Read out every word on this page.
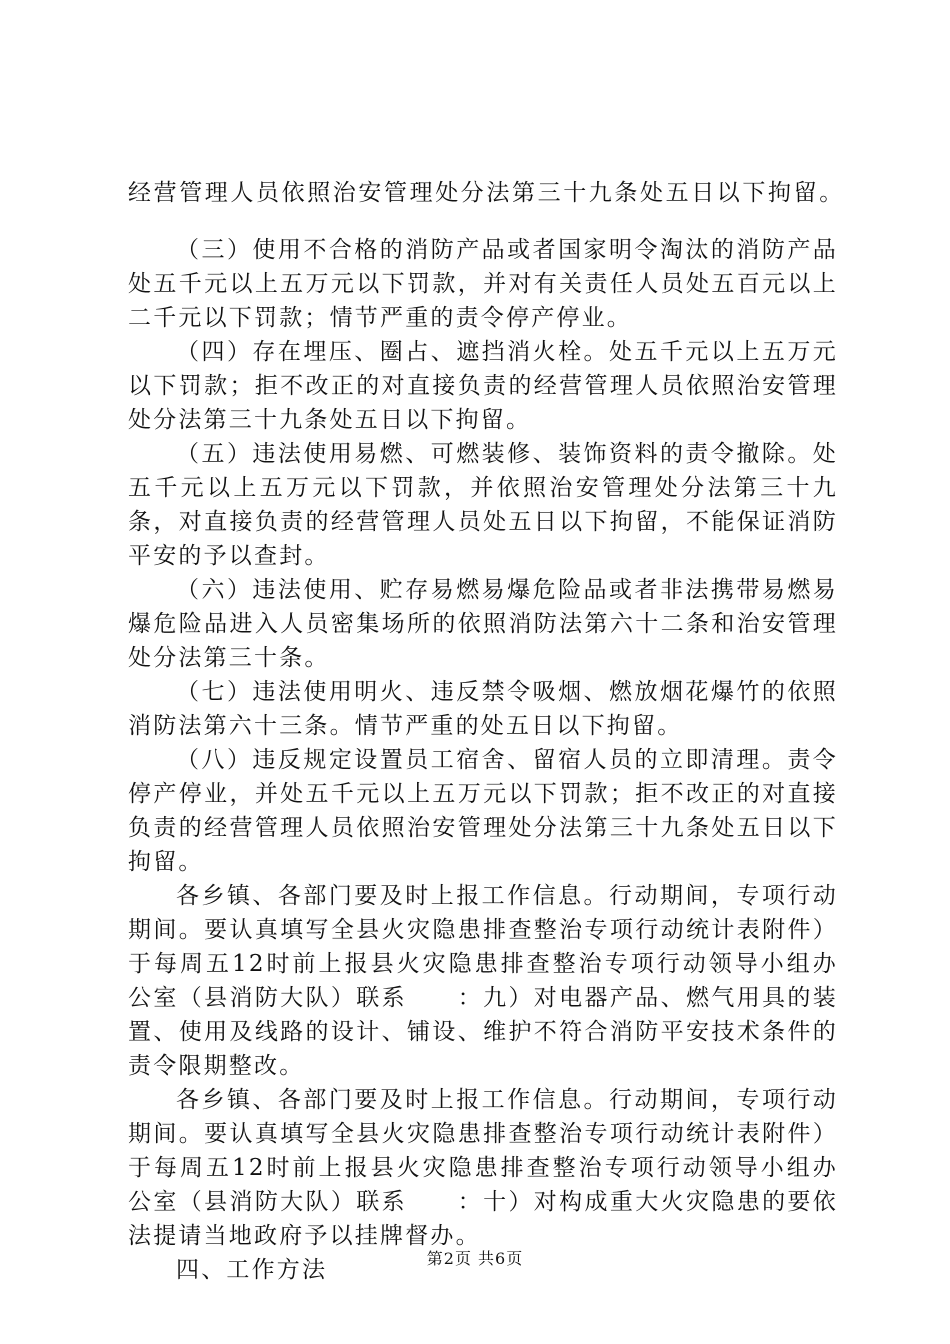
经营管理人员依照治安管理处分法第三十九条处五日以下拘留。

（三）使用不合格的消防产品或者国家明令淘汰的消防产品处五千元以上五万元以下罚款，并对有关责任人员处五百元以上二千元以下罚款；情节严重的责令停产停业。

（四）存在埋压、圈占、遮挡消火栓。处五千元以上五万元以下罚款；拒不改正的对直接负责的经营管理人员依照治安管理处分法第三十九条处五日以下拘留。

（五）违法使用易燃、可燃装修、装饰资料的责令撤除。处五千元以上五万元以下罚款，并依照治安管理处分法第三十九条，对直接负责的经营管理人员处五日以下拘留，不能保证消防平安的予以查封。

（六）违法使用、贮存易燃易爆危险品或者非法携带易燃易爆危险品进入人员密集场所的依照消防法第六十二条和治安管理处分法第三十条。

（七）违法使用明火、违反禁令吸烟、燃放烟花爆竹的依照消防法第六十三条。情节严重的处五日以下拘留。

（八）违反规定设置员工宿舍、留宿人员的立即清理。责令停产停业，并处五千元以上五万元以下罚款；拒不改正的对直接负责的经营管理人员依照治安管理处分法第三十九条处五日以下拘留。

各乡镇、各部门要及时上报工作信息。行动期间，专项行动期间。要认真填写全县火灾隐患排查整治专项行动统计表附件）于每周五12时前上报县火灾隐患排查整治专项行动领导小组办公室（县消防大队）联系　　：九）对电器产品、燃气用具的装置、使用及线路的设计、铺设、维护不符合消防平安技术条件的责令限期整改。

各乡镇、各部门要及时上报工作信息。行动期间，专项行动期间。要认真填写全县火灾隐患排查整治专项行动统计表附件）于每周五12时前上报县火灾隐患排查整治专项行动领导小组办公室（县消防大队）联系　　：十）对构成重大火灾隐患的要依法提请当地政府予以挂牌督办。

四、工作方法	第2页 共6页
